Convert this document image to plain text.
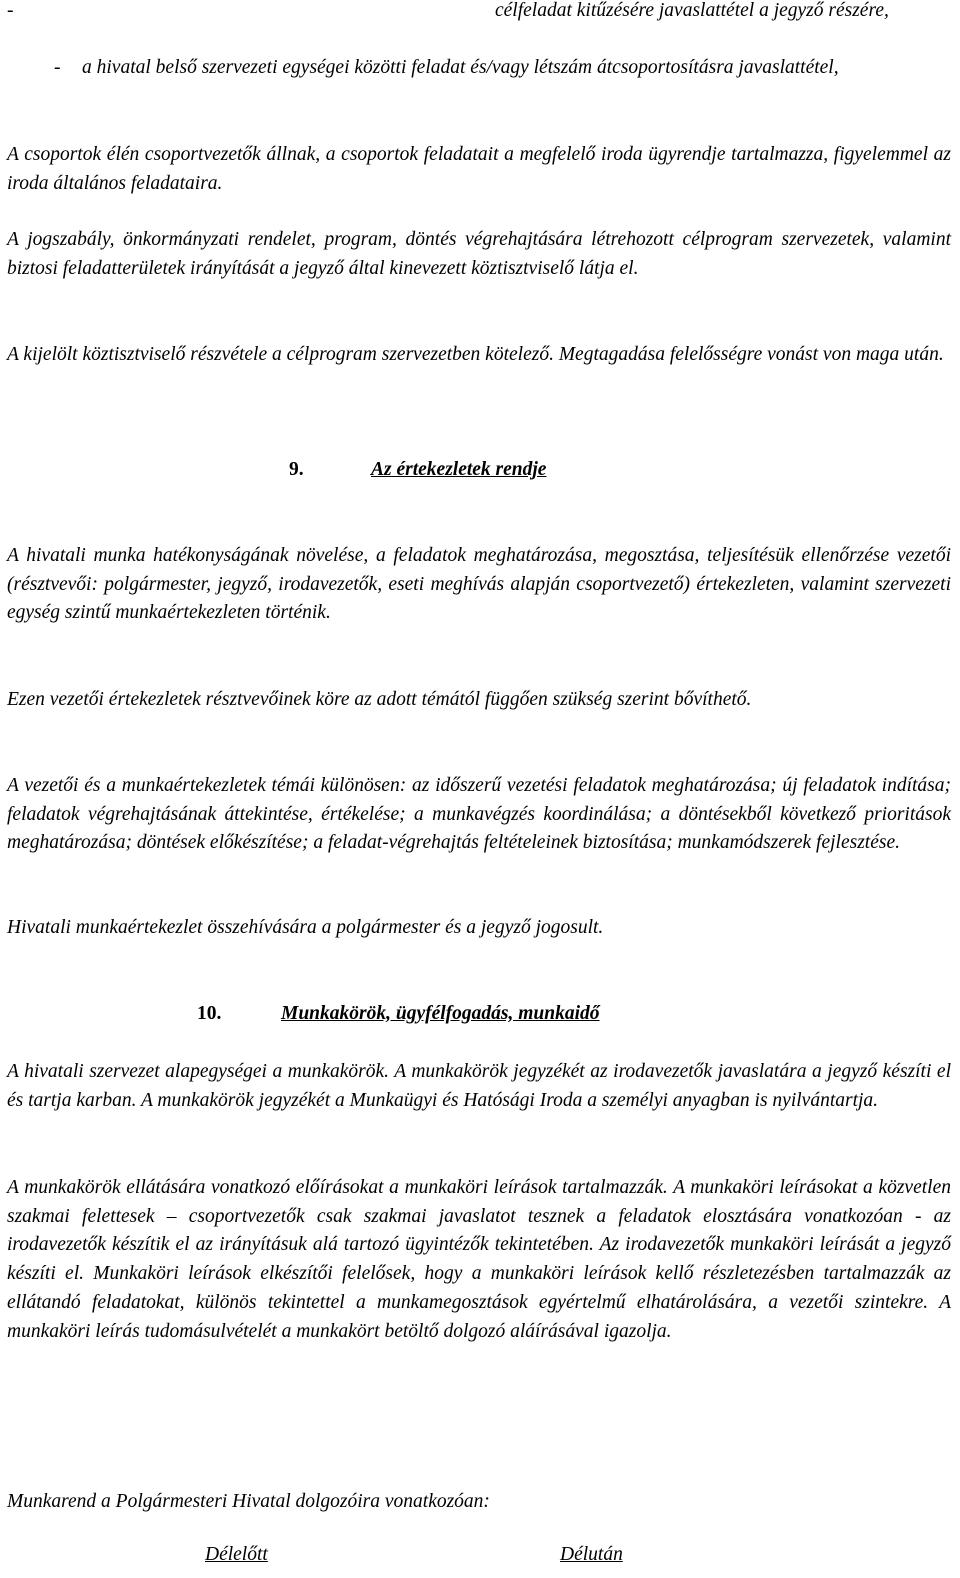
-	célfeladat kitűzésére javaslattétel a jegyző részére,
-	a hivatal belső szervezeti egységei közötti feladat és/vagy létszám átcsoportosításra javaslattétel,

A csoportok élén csoportvezetők állnak, a csoportok feladatait a megfelelő iroda ügyrendje tartalmazza, figyelemmel az iroda általános feladataira.

A jogszabály, önkormányzati rendelet, program, döntés végrehajtására létrehozott célprogram szervezetek, valamint biztosi feladatterületek irányítását a jegyző által kinevezett köztisztviselő látja el.

A kijelölt köztisztviselő részvétele a célprogram szervezetben kötelező. Megtagadása felelősségre vonást von maga után.

9.	Az értekezletek rendje

A hivatali munka hatékonyságának növelése, a feladatok meghatározása, megosztása, teljesítésük ellenőrzése vezetői (résztvevői: polgármester, jegyző, irodavezetők, eseti meghívás alapján csoportvezető) értekezleten, valamint szervezeti egység szintű munkaértekezleten történik.

Ezen vezetői értekezletek résztvevőinek köre az adott témától függően szükség szerint bővíthető.

A vezetői és a munkaértekezletek témái különösen: az időszerű vezetési feladatok meghatározása; új feladatok indítása; feladatok végrehajtásának áttekintése, értékelése; a munkavégzés koordinálása; a döntésekből következő prioritások meghatározása; döntések előkészítése; a feladat-végrehajtás feltételeinek biztosítása; munkamódszerek fejlesztése.

Hivatali munkaértekezlet összehívására a polgármester és a jegyző jogosult.

10.	Munkakörök, ügyfélfogadás, munkaidő

A hivatali szervezet alapegységei a munkakörök. A munkakörök jegyzékét az irodavezetők javaslatára a jegyző készíti el és tartja karban. A munkakörök jegyzékét a Munkaügyi és Hatósági Iroda a személyi anyagban is nyilvántartja.

A munkakörök ellátására vonatkozó előírásokat a munkaköri leírások tartalmazzák. A munkaköri leírásokat a közvetlen szakmai felettesek – csoportvezetők csak szakmai javaslatot tesznek a feladatok elosztására vonatkozóan - az irodavezetők készítik el az irányításuk alá tartozó ügyintézők tekintetében. Az irodavezetők munkaköri leírását a jegyző készíti el. Munkaköri leírások elkészítői felelősek, hogy a munkaköri leírások kellő részletezésben tartalmazzák az ellátandó feladatokat, különös tekintettel a munkamegosztások egyértelmű elhatárolására, a vezetői szintekre. A munkaköri leírás tudomásulvételét a munkakört betöltő dolgozó aláírásával igazolja.

Munkarend a Polgármesteri Hivatal dolgozóira vonatkozóan:

Délelőtt	Délután
